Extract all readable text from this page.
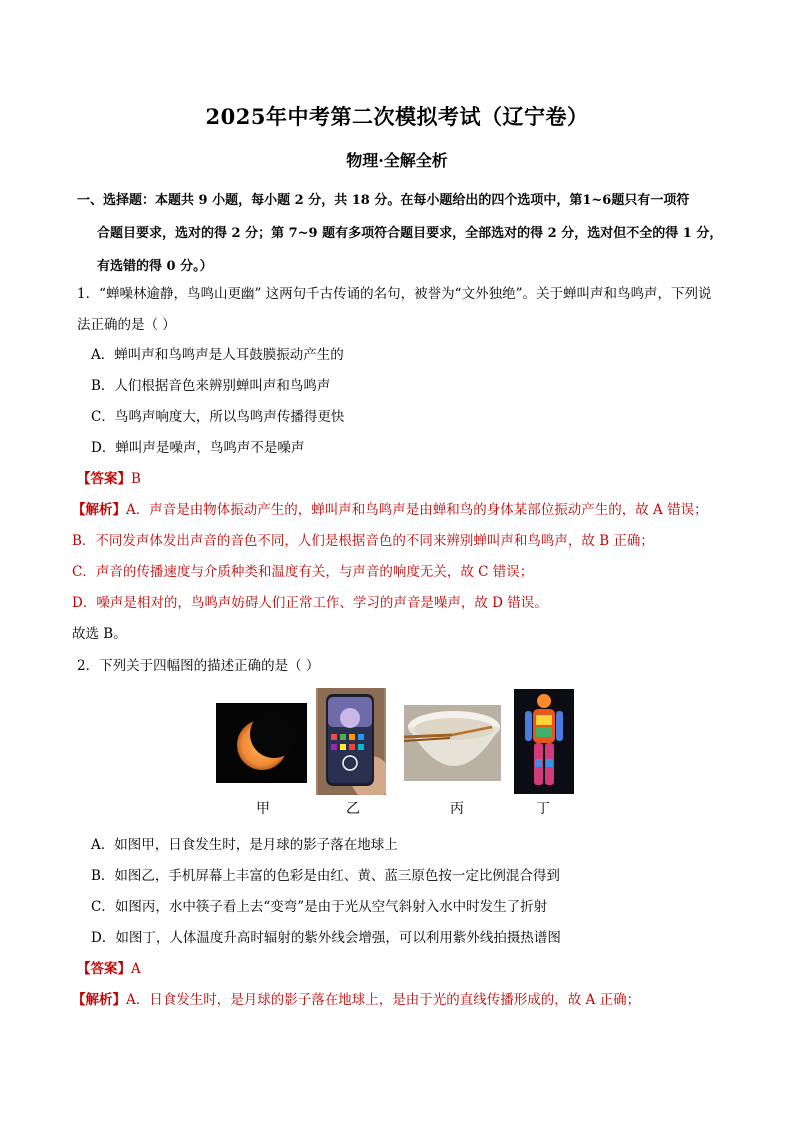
2025年中考第二次模拟考试（辽宁卷）
物理·全解全析
一、选择题：本题共 9 小题，每小题 2 分，共 18 分。在每小题给出的四个选项中，第1~6题只有一项符
合题目要求，选对的得 2 分；第 7~9 题有多项符合题目要求，全部选对的得 2 分，选对但不全的得 1 分，
有选错的得 0 分。）
1．“蝉噪林逾静，鸟鸣山更幽” 这两句千古传诵的名句，被誉为“文外独绝”。关于蝉叫声和鸟鸣声，下列说
法正确的是（ ）
A．蝉叫声和鸟鸣声是人耳鼓膜振动产生的
B．人们根据音色来辨别蝉叫声和鸟鸣声
C．鸟鸣声响度大，所以鸟鸣声传播得更快
D．蝉叫声是噪声，鸟鸣声不是噪声
【答案】B
【解析】A．声音是由物体振动产生的，蝉叫声和鸟鸣声是由蝉和鸟的身体某部位振动产生的，故 A 错误；
B．不同发声体发出声音的音色不同，人们是根据音色的不同来辨别蝉叫声和鸟鸣声，故 B 正确；
C．声音的传播速度与介质种类和温度有关，与声音的响度无关，故 C 错误；
D．噪声是相对的，鸟鸣声妨碍人们正常工作、学习的声音是噪声，故 D 错误。
故选 B。
2．下列关于四幅图的描述正确的是（ ）
甲	乙	丙	丁
A．如图甲，日食发生时，是月球的影子落在地球上
B．如图乙，手机屏幕上丰富的色彩是由红、黄、蓝三原色按一定比例混合得到
C．如图丙，水中筷子看上去“变弯”是由于光从空气斜射入水中时发生了折射
D．如图丁，人体温度升高时辐射的紫外线会增强，可以利用紫外线拍摄热谱图
【答案】A
【解析】A．日食发生时，是月球的影子落在地球上，是由于光的直线传播形成的，故 A 正确；
